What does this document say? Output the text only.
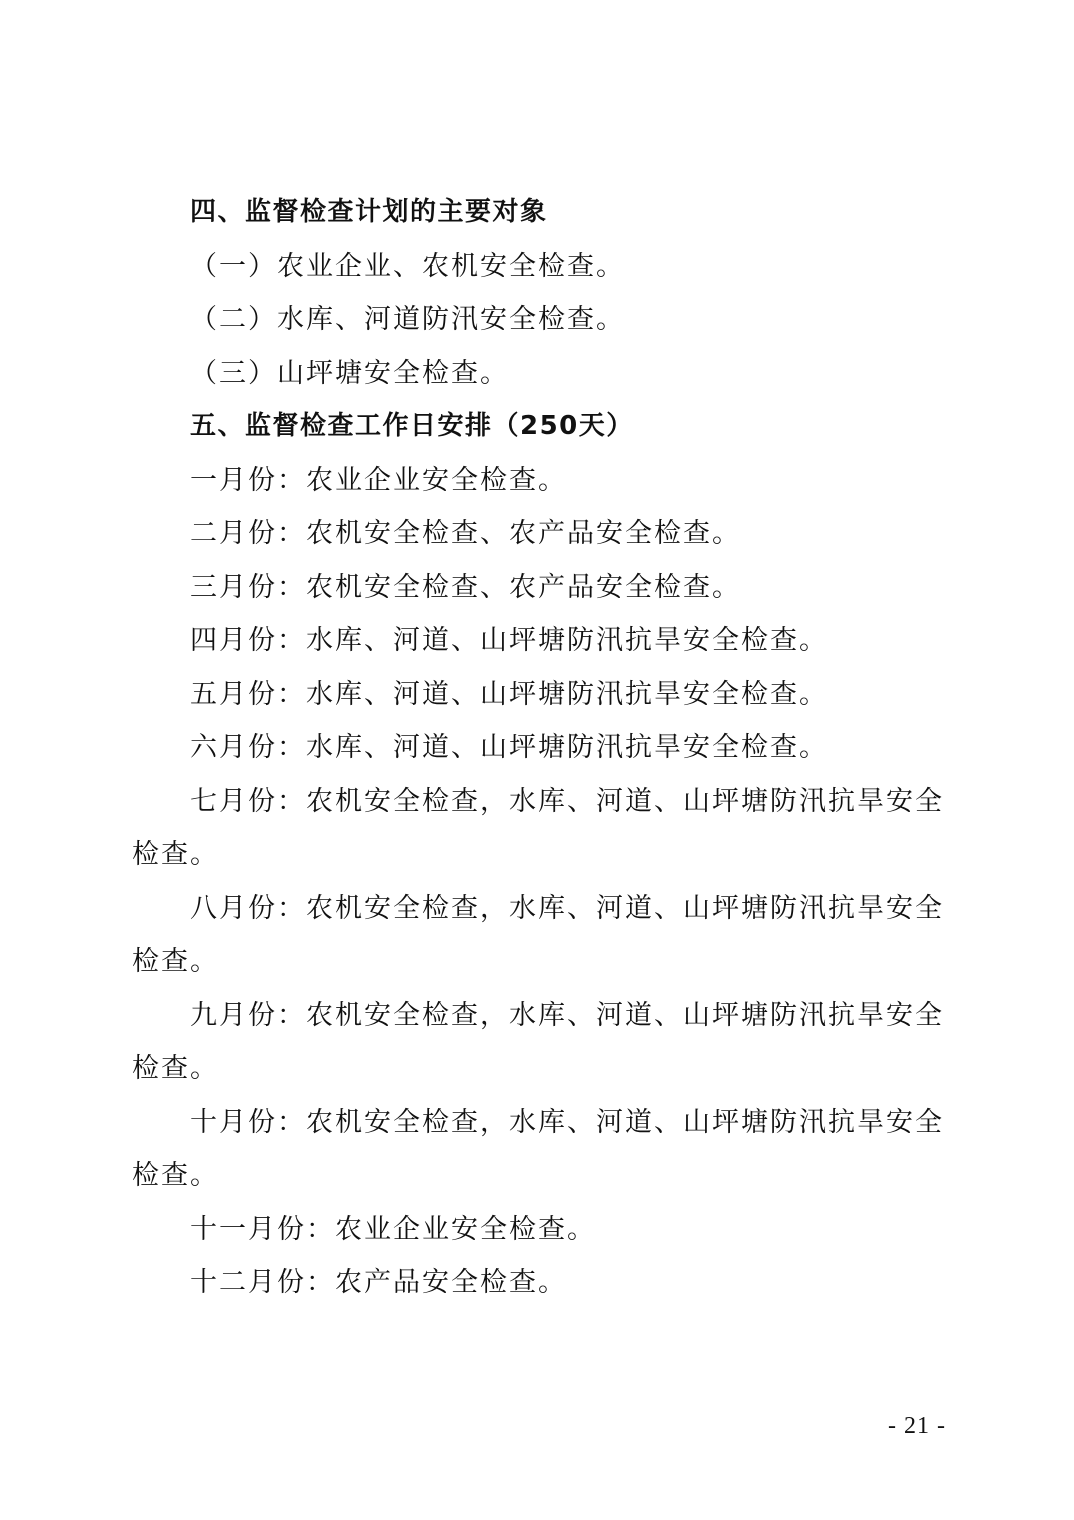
四、监督检查计划的主要对象
（一）农业企业、农机安全检查。
（二）水库、河道防汛安全检查。
（三）山坪塘安全检查。
五、监督检查工作日安排（250天）
一月份：农业企业安全检查。
二月份：农机安全检查、农产品安全检查。
三月份：农机安全检查、农产品安全检查。
四月份：水库、河道、山坪塘防汛抗旱安全检查。
五月份：水库、河道、山坪塘防汛抗旱安全检查。
六月份：水库、河道、山坪塘防汛抗旱安全检查。

七月份：农机安全检查，水库、河道、山坪塘防汛抗旱安全检查。

八月份：农机安全检查，水库、河道、山坪塘防汛抗旱安全检查。

九月份：农机安全检查，水库、河道、山坪塘防汛抗旱安全检查。

十月份：农机安全检查，水库、河道、山坪塘防汛抗旱安全检查。

十一月份：农业企业安全检查。
十二月份：农产品安全检查。
- 21 -
